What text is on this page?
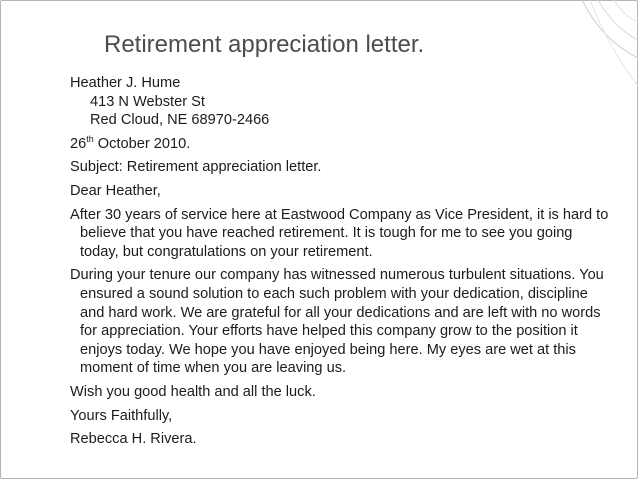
Retirement appreciation letter.
Heather J. Hume
413 N Webster St
Red Cloud, NE 68970-2466

26th October 2010.

Subject: Retirement appreciation letter.

Dear Heather,

After 30 years of service here at Eastwood Company as Vice President, it is hard to believe that you have reached retirement. It is tough for me to see you going today, but congratulations on your retirement.

During your tenure our company has witnessed numerous turbulent situations. You ensured a sound solution to each such problem with your dedication, discipline and hard work. We are grateful for all your dedications and are left with no words for appreciation. Your efforts have helped this company grow to the position it enjoys today. We hope you have enjoyed being here. My eyes are wet at this moment of time when you are leaving us.

Wish you good health and all the luck.

Yours Faithfully,

Rebecca H. Rivera.
